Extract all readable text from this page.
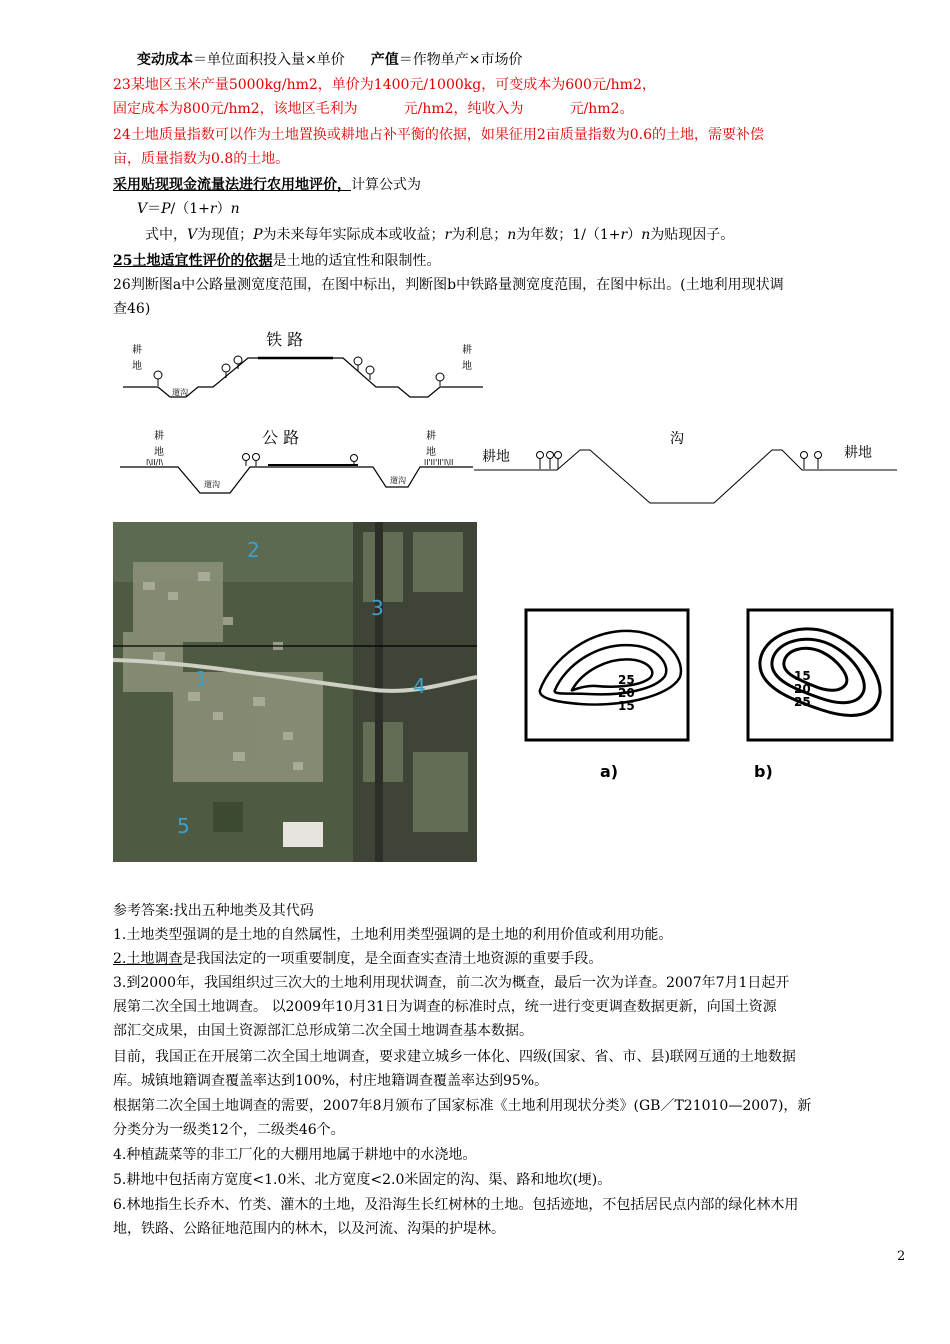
变动成本＝单位面积投入量×单价 产值＝作物单产×市场价
23某地区玉米产量5000kg/hm2，单价为1400元/1000kg，可变成本为600元/hm2，
固定成本为800元/hm2，该地区毛利为	元/hm2，纯收入为	元/hm2。
24土地质量指数可以作为土地置换或耕地占补平衡的依据，如果征用2亩质量指数为0.6的土地，需要补偿
亩，质量指数为0.8的土地。
采用贴现现金流量法进行农用地评价，计算公式为
V＝P/（1+r）n
式中，V为现值；P为未来每年实际成本或收益；r为利息；n为年数；1/（1+r）n为贴现因子。
25土地适宜性评价的依据是土地的适宜性和限制性。
26判断图a中公路量测宽度范围，在图中标出，判断图b中铁路量测宽度范围，在图中标出。(土地利用现状调
查46)
铁 路
耕
地
耕
地
遛沟
l\II/l\	ll'll'll'l\ll
公 路
耕
地
耕
地
遛沟	遛沟
沟
耕地	耕地
2
3
1	4
5
25
20
15
a)
15
20
25
b)
参考答案:找出五种地类及其代码
1.土地类型强调的是土地的自然属性，土地利用类型强调的是土地的利用价值或利用功能。
2.土地调查是我国法定的一项重要制度，是全面查实查清土地资源的重要手段。
3.到2000年，我国组织过三次大的土地利用现状调查，前二次为概查，最后一次为详查。2007年7月1日起开
展第二次全国土地调查。 以2009年10月31日为调查的标准时点，统一进行变更调查数据更新，向国土资源
部汇交成果，由国土资源部汇总形成第二次全国土地调查基本数据。
目前，我国正在开展第二次全国土地调查，要求建立城乡一体化、四级(国家、省、市、县)联网互通的土地数据
库。城镇地籍调查覆盖率达到100%，村庄地籍调查覆盖率达到95%。
根据第二次全国土地调查的需要，2007年8月颁布了国家标准《土地利用现状分类》(GB／T21010—2007)，新
分类分为一级类12个，二级类46个。
4.种植蔬菜等的非工厂化的大棚用地属于耕地中的水浇地。
5.耕地中包括南方宽度<1.0米、北方宽度<2.0米固定的沟、渠、路和地坎(埂)。
6.林地指生长乔木、竹类、灌木的土地，及沿海生长红树林的土地。包括迹地，不包括居民点内部的绿化林木用
地，铁路、公路征地范围内的林木，以及河流、沟渠的护堤林。
2
